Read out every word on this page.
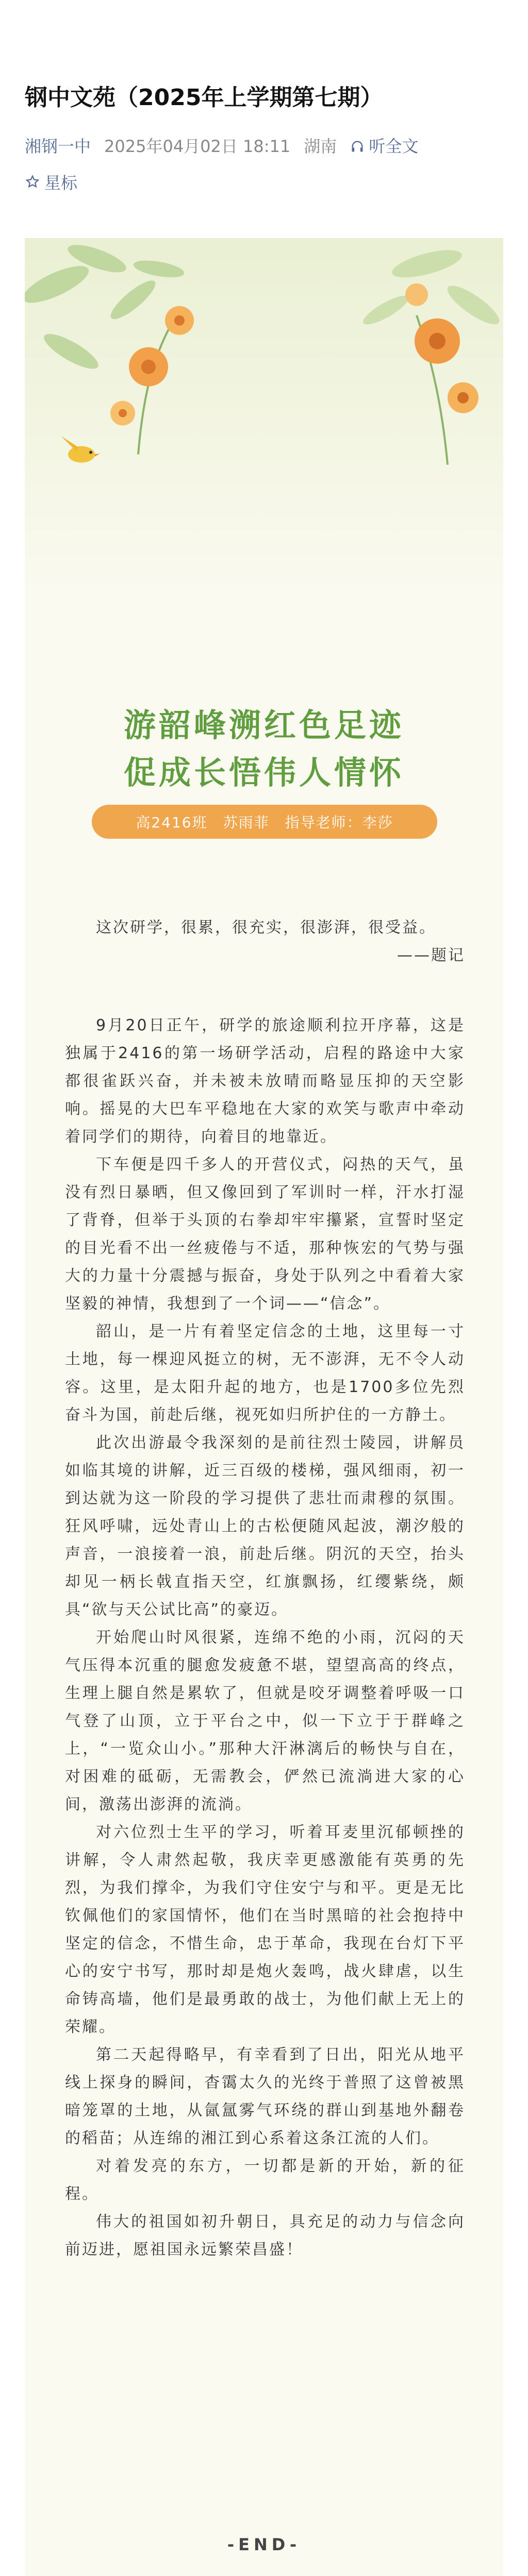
钢中文苑（2025年上学期第七期）
湘钢一中 2025年04月02日 18:11 湖南 听全文
星标
游韶峰溯红色足迹
促成长悟伟人情怀
高2416班　苏雨菲　指导老师：李莎

这次研学，很累，很充实，很澎湃，很受益。

——题记

9月20日正午，研学的旅途顺利拉开序幕，这是独属于2416的第一场研学活动，启程的路途中大家都很雀跃兴奋，并未被未放晴而略显压抑的天空影响。摇晃的大巴车平稳地在大家的欢笑与歌声中牵动着同学们的期待，向着目的地靠近。

下车便是四千多人的开营仪式，闷热的天气，虽没有烈日暴晒，但又像回到了军训时一样，汗水打湿了背脊，但举于头顶的右拳却牢牢攥紧，宣誓时坚定的目光看不出一丝疲倦与不适，那种恢宏的气势与强大的力量十分震撼与振奋，身处于队列之中看着大家坚毅的神情，我想到了一个词——“信念”。

韶山，是一片有着坚定信念的土地，这里每一寸土地，每一棵迎风挺立的树，无不澎湃，无不令人动容。这里，是太阳升起的地方，也是1700多位先烈奋斗为国，前赴后继，视死如归所护住的一方静土。

此次出游最令我深刻的是前往烈士陵园，讲解员如临其境的讲解，近三百级的楼梯，强风细雨，初一到达就为这一阶段的学习提供了悲壮而肃穆的氛围。狂风呼啸，远处青山上的古松便随风起波，潮汐般的声音，一浪接着一浪，前赴后继。阴沉的天空，抬头却见一柄长戟直指天空，红旗飘扬，红缨紫绕，颇具“欲与天公试比高”的豪迈。

开始爬山时风很紧，连绵不绝的小雨，沉闷的天气压得本沉重的腿愈发疲惫不堪，望望高高的终点，生理上腿自然是累软了，但就是咬牙调整着呼吸一口气登了山顶，立于平台之中，似一下立于于群峰之上，“一览众山小。”那种大汗淋漓后的畅快与自在，对困难的砥砺，无需教会，俨然已流淌进大家的心间，激荡出澎湃的流淌。

对六位烈士生平的学习，听着耳麦里沉郁顿挫的讲解，令人肃然起敬，我庆幸更感激能有英勇的先烈，为我们撑伞，为我们守住安宁与和平。更是无比钦佩他们的家国情怀，他们在当时黑暗的社会抱持中坚定的信念，不惜生命，忠于革命，我现在台灯下平心的安宁书写，那时却是炮火轰鸣，战火肆虐，以生命铸高墙，他们是最勇敢的战士，为他们献上无上的荣耀。

第二天起得略早，有幸看到了日出，阳光从地平线上探身的瞬间，杳霭太久的光终于普照了这曾被黑暗笼罩的土地，从氤氲雾气环绕的群山到基地外翻卷的稻苗；从连绵的湘江到心系着这条江流的人们。

对着发亮的东方，一切都是新的开始，新的征程。

伟大的祖国如初升朝日，具充足的动力与信念向前迈进，愿祖国永远繁荣昌盛！

-END-
